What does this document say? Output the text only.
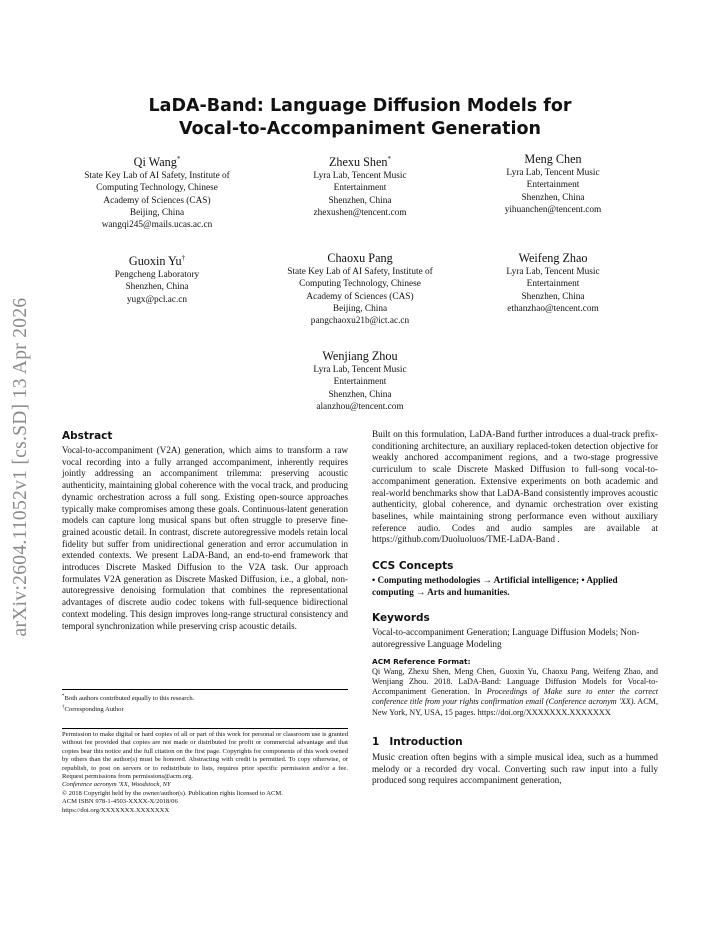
arXiv:2604.11052v1 [cs.SD] 13 Apr 2026
LaDA-Band: Language Diffusion Models for
Vocal-to-Accompaniment Generation
Qi Wang*
State Key Lab of AI Safety, Institute of
Computing Technology, Chinese
Academy of Sciences (CAS)
Beijing, China
wangqi245@mails.ucas.ac.cn
Zhexu Shen*
Lyra Lab, Tencent Music
Entertainment
Shenzhen, China
zhexushen@tencent.com
Meng Chen
Lyra Lab, Tencent Music
Entertainment
Shenzhen, China
yihuanchen@tencent.com
Guoxin Yu†
Pengcheng Laboratory
Shenzhen, China
yugx@pcl.ac.cn
Chaoxu Pang
State Key Lab of AI Safety, Institute of
Computing Technology, Chinese
Academy of Sciences (CAS)
Beijing, China
pangchaoxu21b@ict.ac.cn
Weifeng Zhao
Lyra Lab, Tencent Music
Entertainment
Shenzhen, China
ethanzhao@tencent.com
Wenjiang Zhou
Lyra Lab, Tencent Music
Entertainment
Shenzhen, China
alanzhou@tencent.com
Abstract

Vocal-to-accompaniment (V2A) generation, which aims to transform a raw vocal recording into a fully arranged accompaniment, inherently requires jointly addressing an accompaniment trilemma: preserving acoustic authenticity, maintaining global coherence with the vocal track, and producing dynamic orchestration across a full song. Existing open-source approaches typically make compromises among these goals. Continuous-latent generation models can capture long musical spans but often struggle to preserve fine-grained acoustic detail. In contrast, discrete autoregressive models retain local fidelity but suffer from unidirectional generation and error accumulation in extended contexts. We present LaDA-Band, an end-to-end framework that introduces Discrete Masked Diffusion to the V2A task. Our approach formulates V2A generation as Discrete Masked Diffusion, i.e., a global, non-autoregressive denoising formulation that combines the representational advantages of discrete audio codec tokens with full-sequence bidirectional context modeling. This design improves long-range structural consistency and temporal synchronization while preserving crisp acoustic details.

*Both authors contributed equally to this research.
†Corresponding Author
Permission to make digital or hard copies of all or part of this work for personal or classroom use is granted without fee provided that copies are not made or distributed for profit or commercial advantage and that copies bear this notice and the full citation on the first page. Copyrights for components of this work owned by others than the author(s) must be honored. Abstracting with credit is permitted. To copy otherwise, or republish, to post on servers or to redistribute to lists, requires prior specific permission and/or a fee. Request permissions from permissions@acm.org.
Conference acronym 'XX, Woodstock, NY
© 2018 Copyright held by the owner/author(s). Publication rights licensed to ACM.
ACM ISBN 978-1-4503-XXXX-X/2018/06
https://doi.org/XXXXXXX.XXXXXXX

Built on this formulation, LaDA-Band further introduces a dual-track prefix-conditioning architecture, an auxiliary replaced-token detection objective for weakly anchored accompaniment regions, and a two-stage progressive curriculum to scale Discrete Masked Diffusion to full-song vocal-to-accompaniment generation. Extensive experiments on both academic and real-world benchmarks show that LaDA-Band consistently improves acoustic authenticity, global coherence, and dynamic orchestration over existing baselines, while maintaining strong performance even without auxiliary reference audio. Codes and audio samples are available at https://github.com/Duoluoluos/TME-LaDA-Band .

CCS Concepts
• Computing methodologies → Artificial intelligence; • Applied computing → Arts and humanities.
Keywords
Vocal-to-accompaniment Generation; Language Diffusion Models; Non-autoregressive Language Modeling
ACM Reference Format:
Qi Wang, Zhexu Shen, Meng Chen, Guoxin Yu, Chaoxu Pang, Weifeng Zhao, and Wenjiang Zhou. 2018. LaDA-Band: Language Diffusion Models for Vocal-to-Accompaniment Generation. In Proceedings of Make sure to enter the correct conference title from your rights confirmation email (Conference acronym 'XX). ACM, New York, NY, USA, 15 pages. https://doi.org/XXXXXXX.XXXXXXX
1 Introduction

Music creation often begins with a simple musical idea, such as a hummed melody or a recorded dry vocal. Converting such raw input into a fully produced song requires accompaniment generation,
